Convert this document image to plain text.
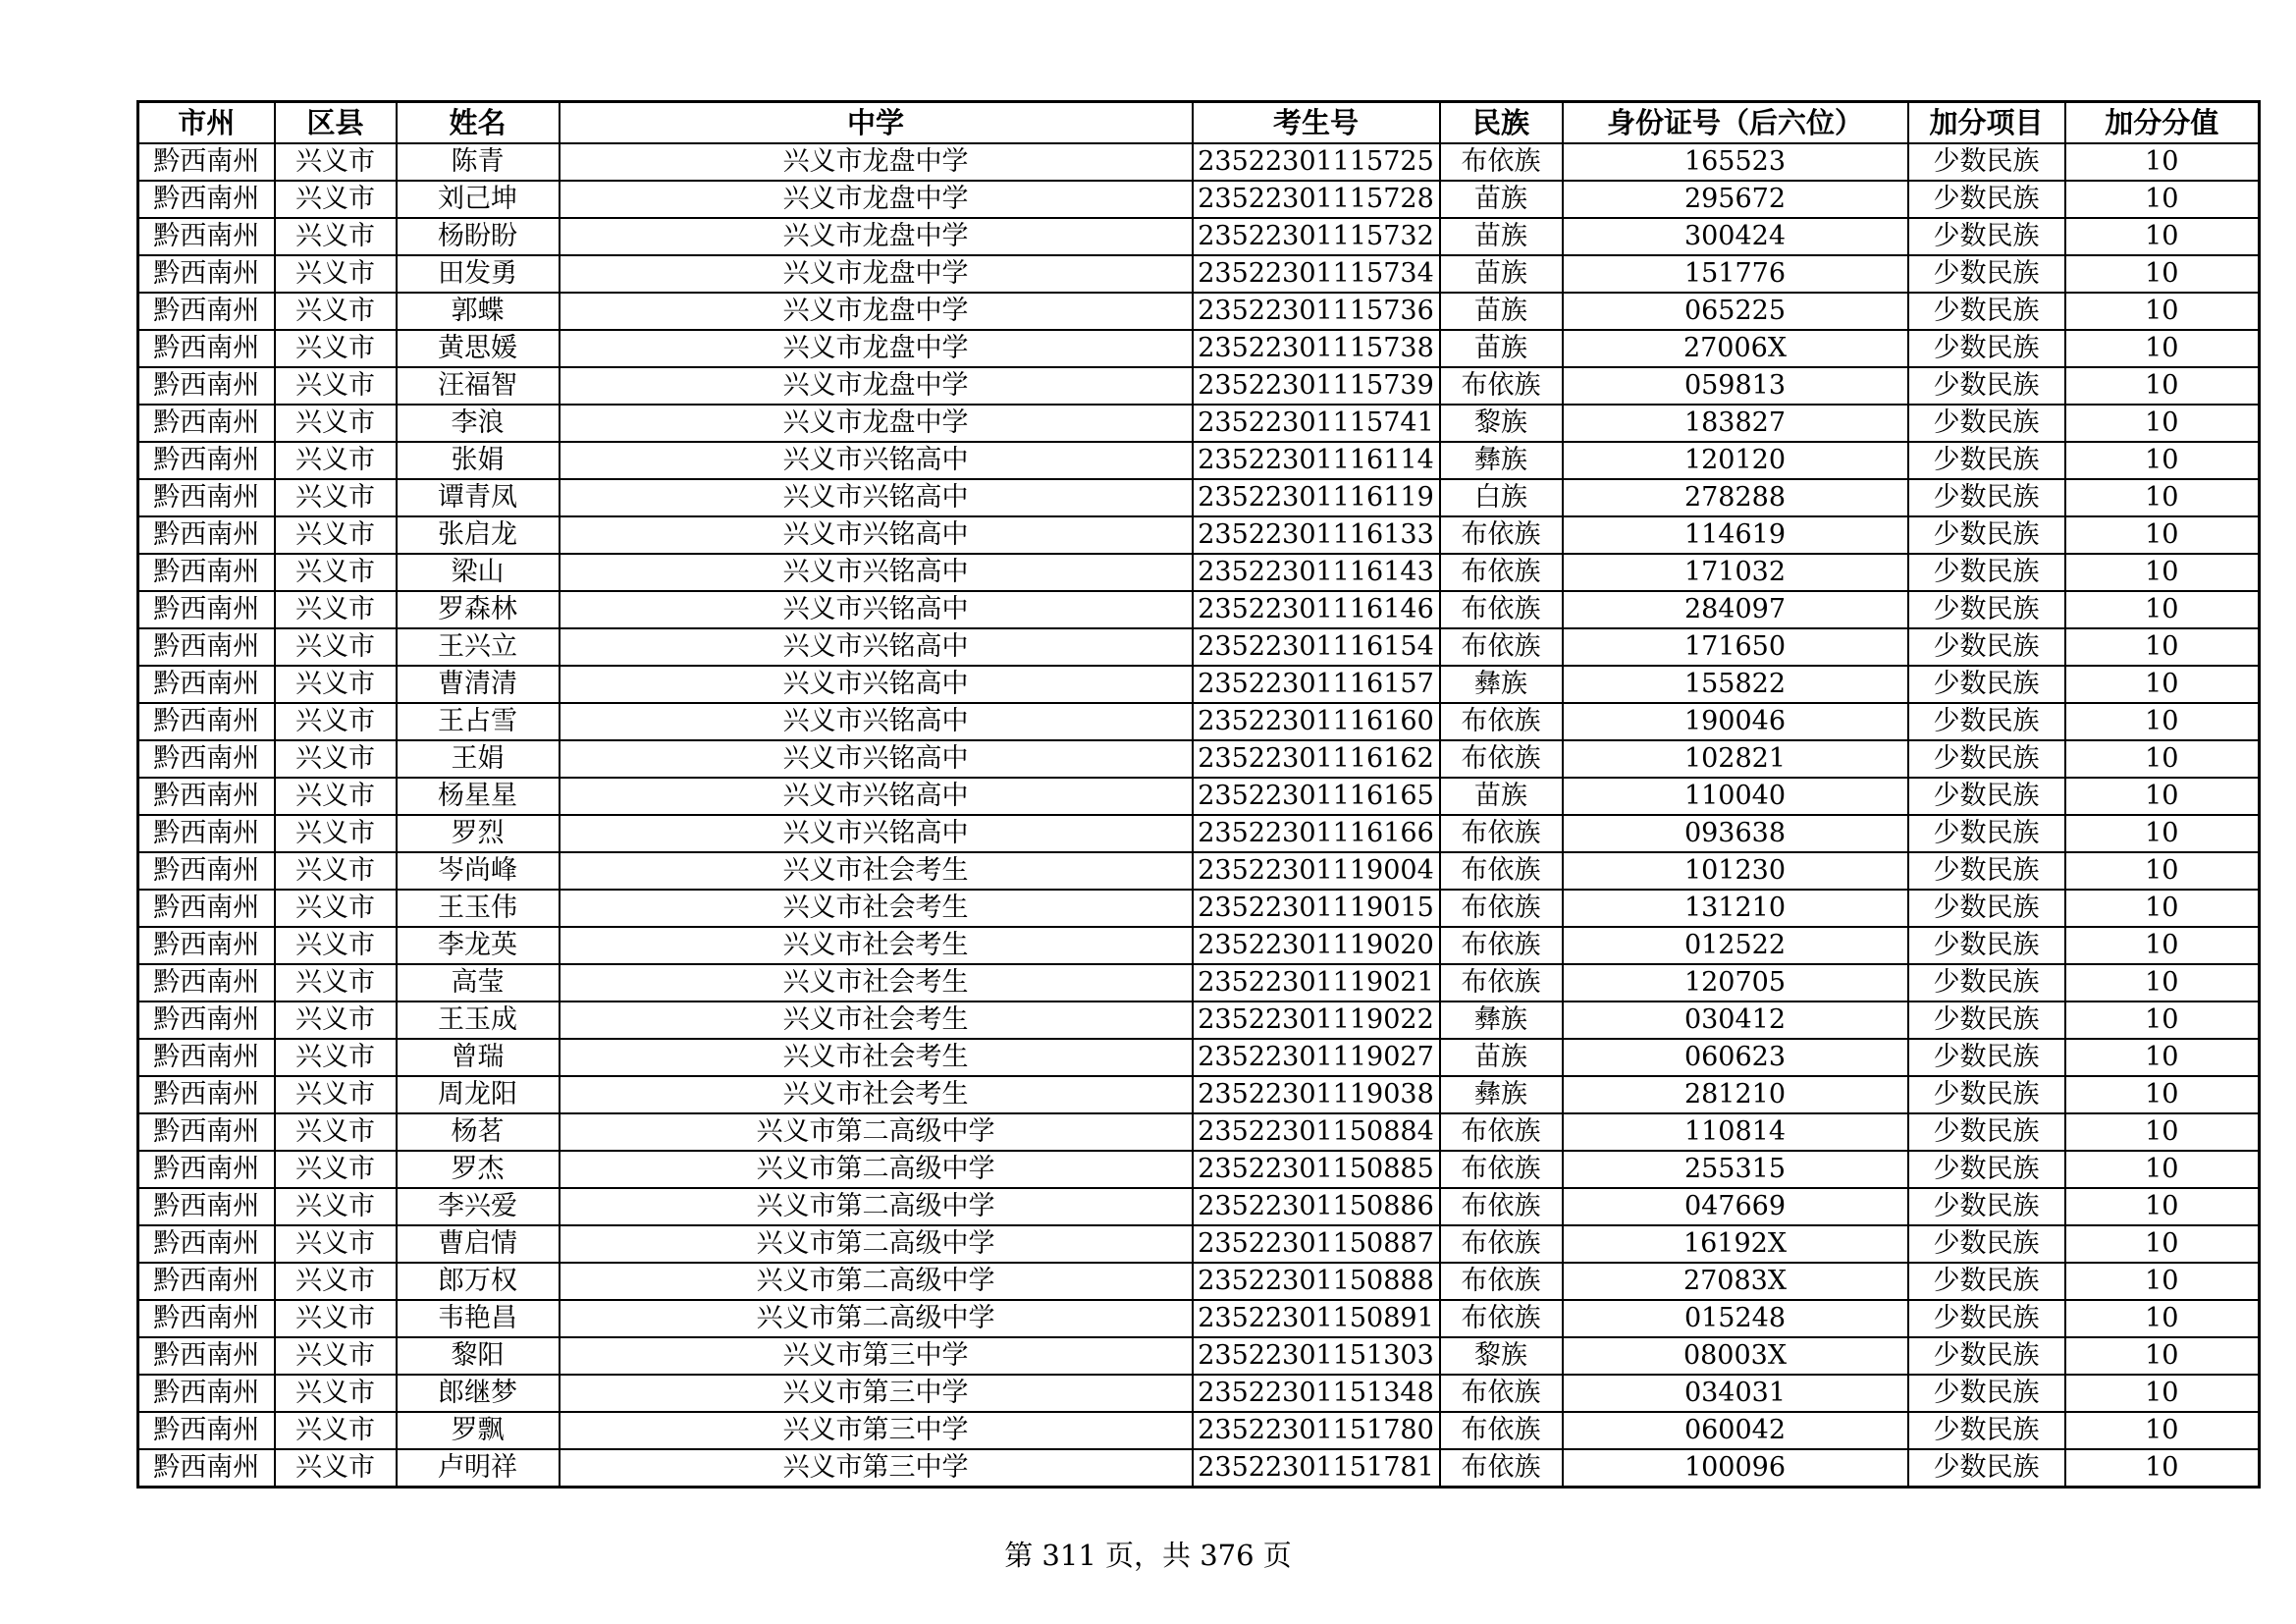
市州	区县	姓名	中学	考生号	民族	身份证号（后六位）	加分项目	加分分值
黔西南州	兴义市	陈青	兴义市龙盘中学	23522301115725	布依族	165523	少数民族	10
黔西南州	兴义市	刘己坤	兴义市龙盘中学	23522301115728	苗族	295672	少数民族	10
黔西南州	兴义市	杨盼盼	兴义市龙盘中学	23522301115732	苗族	300424	少数民族	10
黔西南州	兴义市	田发勇	兴义市龙盘中学	23522301115734	苗族	151776	少数民族	10
黔西南州	兴义市	郭蝶	兴义市龙盘中学	23522301115736	苗族	065225	少数民族	10
黔西南州	兴义市	黄思媛	兴义市龙盘中学	23522301115738	苗族	27006X	少数民族	10
黔西南州	兴义市	汪福智	兴义市龙盘中学	23522301115739	布依族	059813	少数民族	10
黔西南州	兴义市	李浪	兴义市龙盘中学	23522301115741	黎族	183827	少数民族	10
黔西南州	兴义市	张娟	兴义市兴铭高中	23522301116114	彝族	120120	少数民族	10
黔西南州	兴义市	谭青凤	兴义市兴铭高中	23522301116119	白族	278288	少数民族	10
黔西南州	兴义市	张启龙	兴义市兴铭高中	23522301116133	布依族	114619	少数民族	10
黔西南州	兴义市	梁山	兴义市兴铭高中	23522301116143	布依族	171032	少数民族	10
黔西南州	兴义市	罗森林	兴义市兴铭高中	23522301116146	布依族	284097	少数民族	10
黔西南州	兴义市	王兴立	兴义市兴铭高中	23522301116154	布依族	171650	少数民族	10
黔西南州	兴义市	曹清清	兴义市兴铭高中	23522301116157	彝族	155822	少数民族	10
黔西南州	兴义市	王占雪	兴义市兴铭高中	23522301116160	布依族	190046	少数民族	10
黔西南州	兴义市	王娟	兴义市兴铭高中	23522301116162	布依族	102821	少数民族	10
黔西南州	兴义市	杨星星	兴义市兴铭高中	23522301116165	苗族	110040	少数民族	10
黔西南州	兴义市	罗烈	兴义市兴铭高中	23522301116166	布依族	093638	少数民族	10
黔西南州	兴义市	岑尚峰	兴义市社会考生	23522301119004	布依族	101230	少数民族	10
黔西南州	兴义市	王玉伟	兴义市社会考生	23522301119015	布依族	131210	少数民族	10
黔西南州	兴义市	李龙英	兴义市社会考生	23522301119020	布依族	012522	少数民族	10
黔西南州	兴义市	高莹	兴义市社会考生	23522301119021	布依族	120705	少数民族	10
黔西南州	兴义市	王玉成	兴义市社会考生	23522301119022	彝族	030412	少数民族	10
黔西南州	兴义市	曾瑞	兴义市社会考生	23522301119027	苗族	060623	少数民族	10
黔西南州	兴义市	周龙阳	兴义市社会考生	23522301119038	彝族	281210	少数民族	10
黔西南州	兴义市	杨茗	兴义市第二高级中学	23522301150884	布依族	110814	少数民族	10
黔西南州	兴义市	罗杰	兴义市第二高级中学	23522301150885	布依族	255315	少数民族	10
黔西南州	兴义市	李兴爱	兴义市第二高级中学	23522301150886	布依族	047669	少数民族	10
黔西南州	兴义市	曹启情	兴义市第二高级中学	23522301150887	布依族	16192X	少数民族	10
黔西南州	兴义市	郎万权	兴义市第二高级中学	23522301150888	布依族	27083X	少数民族	10
黔西南州	兴义市	韦艳昌	兴义市第二高级中学	23522301150891	布依族	015248	少数民族	10
黔西南州	兴义市	黎阳	兴义市第三中学	23522301151303	黎族	08003X	少数民族	10
黔西南州	兴义市	郎继梦	兴义市第三中学	23522301151348	布依族	034031	少数民族	10
黔西南州	兴义市	罗飘	兴义市第三中学	23522301151780	布依族	060042	少数民族	10
黔西南州	兴义市	卢明祥	兴义市第三中学	23522301151781	布依族	100096	少数民族	10
第 311 页，共 376 页
